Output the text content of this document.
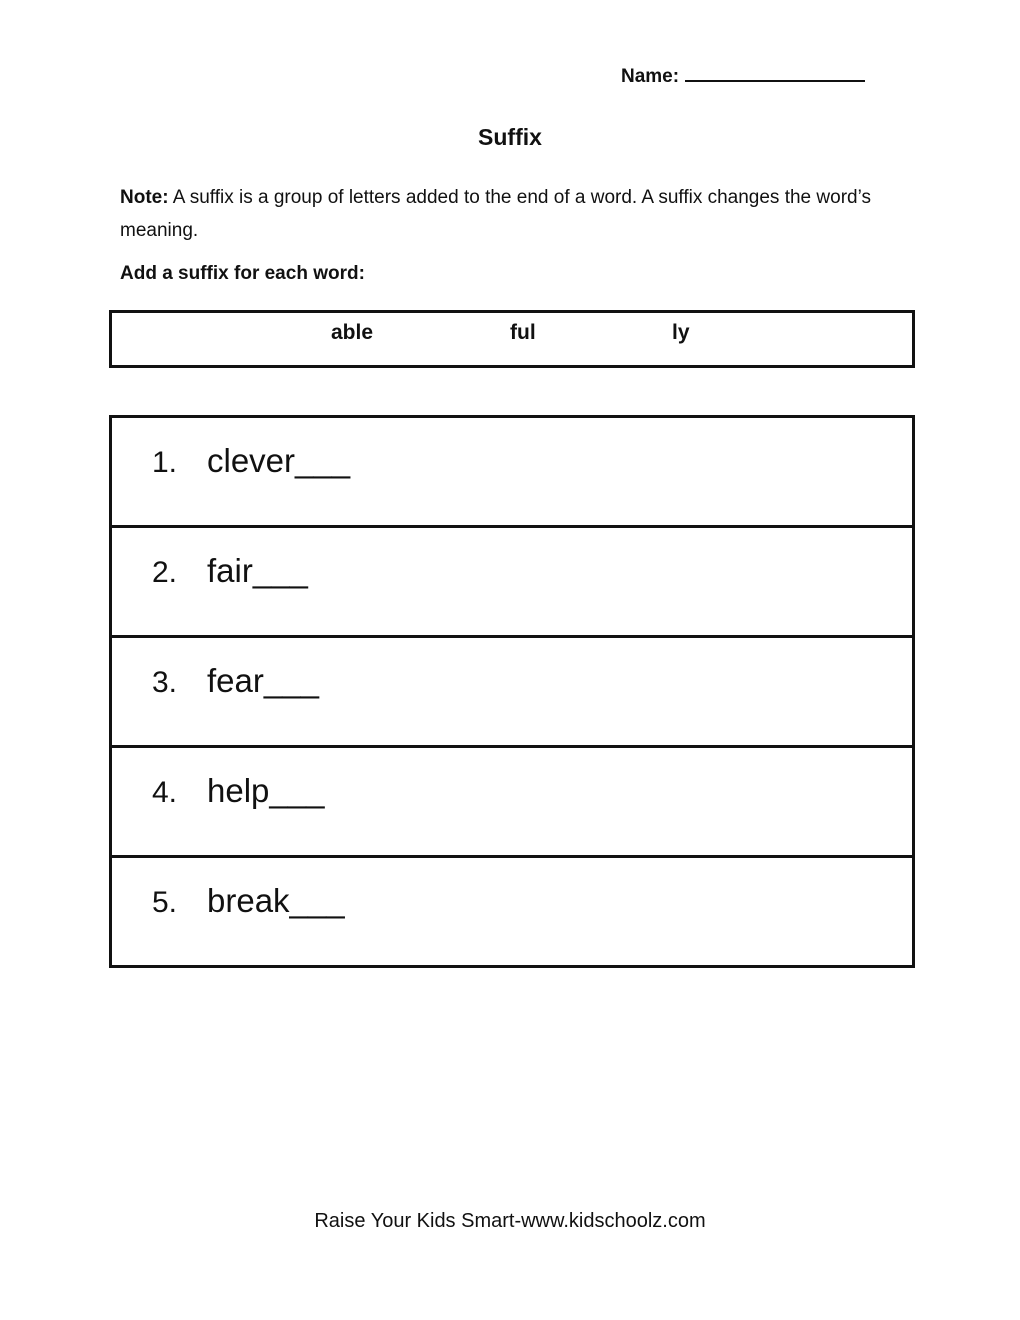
Name:
Suffix
Note: A suffix is a group of letters added to the end of a word. A suffix changes the word’s meaning.
Add a suffix for each word:
able	ful	ly
1. clever___
2. fair___
3. fear___
4. help___
5. break___
Raise Your Kids Smart-www.kidschoolz.com
